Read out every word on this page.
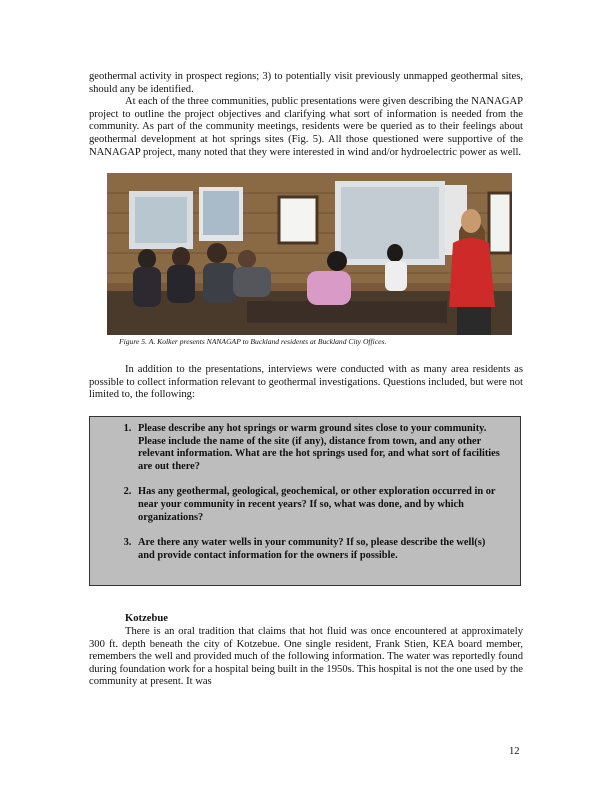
geothermal activity in prospect regions; 3) to potentially visit previously unmapped geothermal sites, should any be identified.

At each of the three communities, public presentations were given describing the NANAGAP project to outline the project objectives and clarifying what sort of information is needed from the community. As part of the community meetings, residents were be queried as to their feelings about geothermal development at hot springs sites (Fig. 5). All those questioned were supportive of the NANAGAP project, many noted that they were interested in wind and/or hydroelectric power as well.

Figure 5. A. Kolker presents NANAGAP to Buckland residents at Buckland City Offices.

In addition to the presentations, interviews were conducted with as many area residents as possible to collect information relevant to geothermal investigations. Questions included, but were not limited to, the following:

1. Please describe any hot springs or warm ground sites close to your community. Please include the name of the site (if any), distance from town, and any other relevant information. What are the hot springs used for, and what sort of facilities are out there?
2. Has any geothermal, geological, geochemical, or other exploration occurred in or near your community in recent years? If so, what was done, and by which organizations?
3. Are there any water wells in your community? If so, please describe the well(s) and provide contact information for the owners if possible.
Kotzebue

There is an oral tradition that claims that hot fluid was once encountered at approximately 300 ft. depth beneath the city of Kotzebue. One single resident, Frank Stien, KEA board member, remembers the well and provided much of the following information. The water was reportedly found during foundation work for a hospital being built in the 1950s. This hospital is not the one used by the community at present. It was

12
